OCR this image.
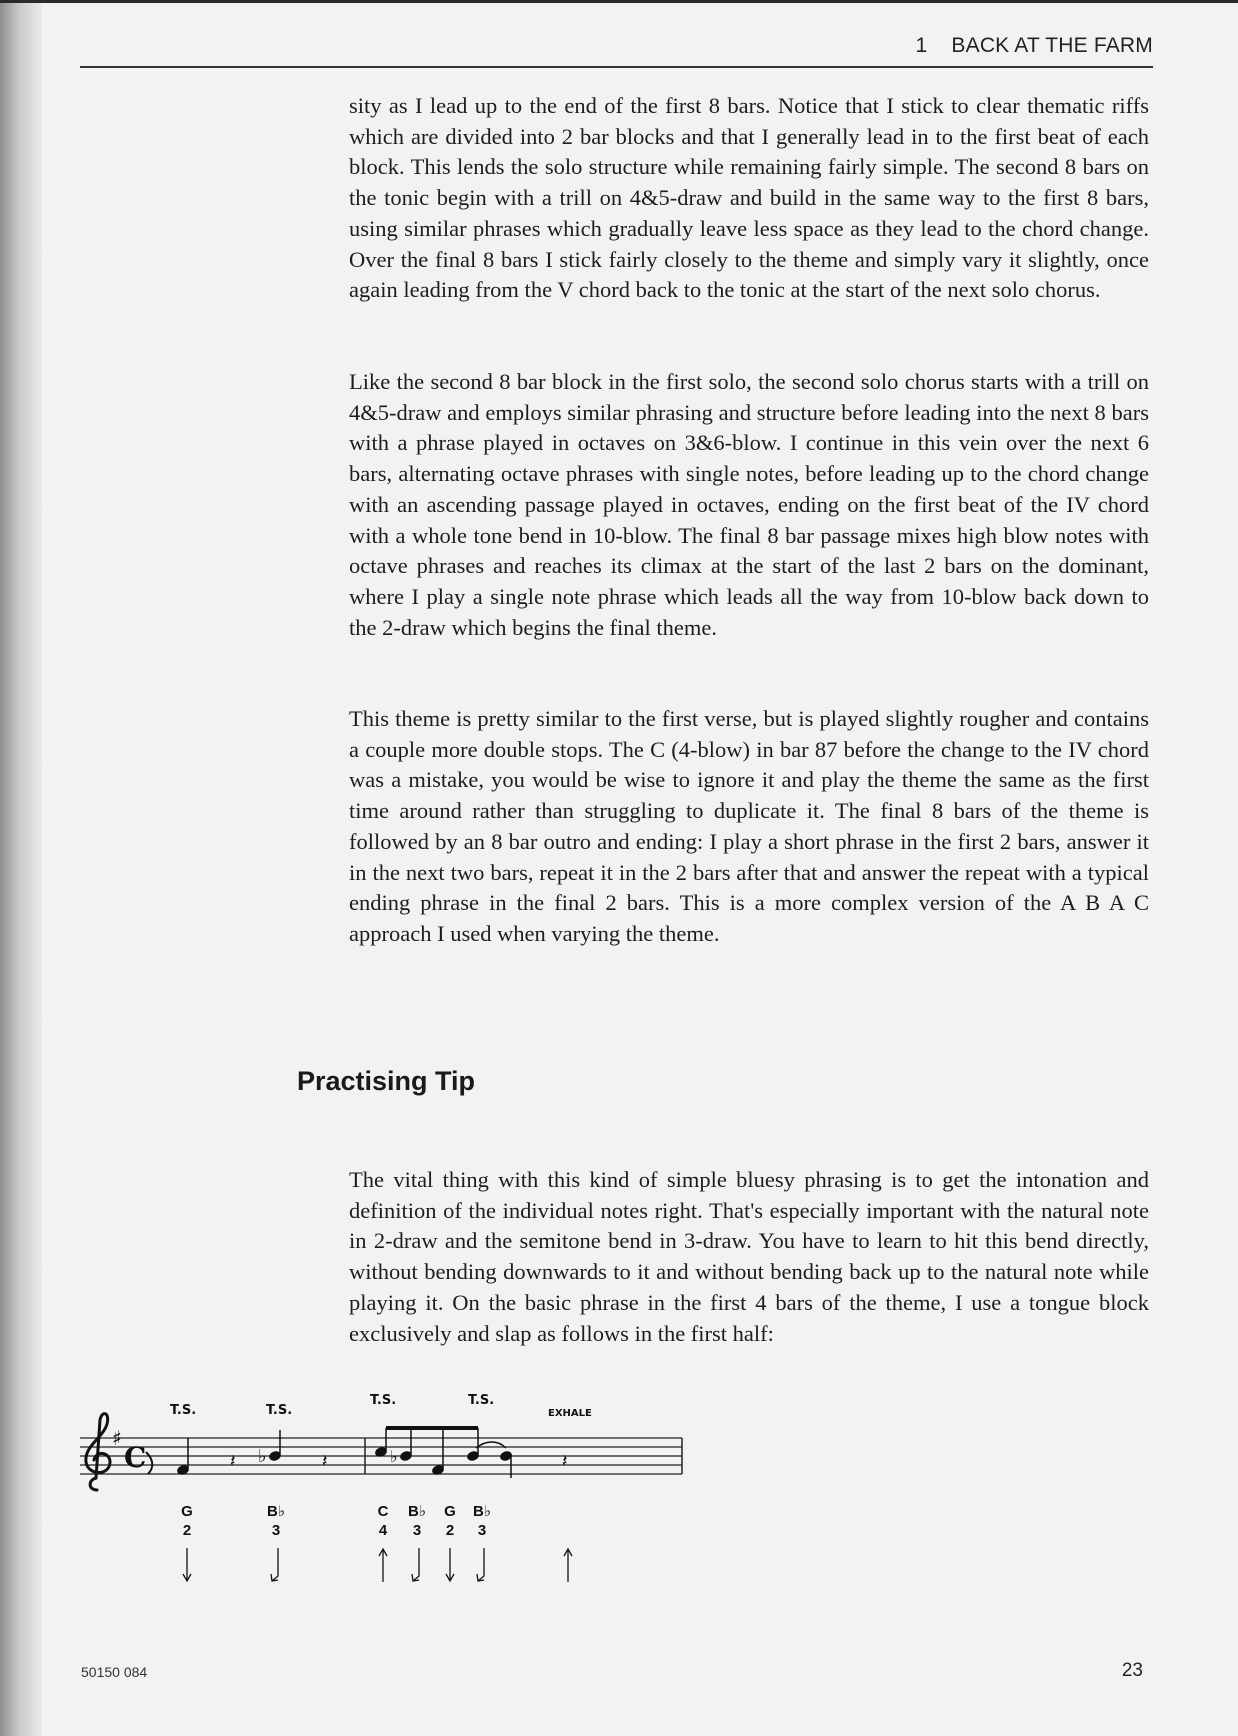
1 BACK AT THE FARM
sity as I lead up to the end of the first 8 bars. Notice that I stick to clear thematic riffs which are divided into 2 bar blocks and that I generally lead in to the first beat of each block. This lends the solo structure while remaining fairly simple. The second 8 bars on the tonic begin with a trill on 4&5-draw and build in the same way to the first 8 bars, using similar phrases which gradually leave less space as they lead to the chord change. Over the final 8 bars I stick fairly closely to the theme and simply vary it slightly, once again leading from the V chord back to the tonic at the start of the next solo chorus.
Like the second 8 bar block in the first solo, the second solo chorus starts with a trill on 4&5-draw and employs similar phrasing and structure before leading into the next 8 bars with a phrase played in octaves on 3&6-blow. I continue in this vein over the next 6 bars, alternating octave phrases with single notes, before leading up to the chord change with an ascending passage played in octaves, ending on the first beat of the IV chord with a whole tone bend in 10-blow. The final 8 bar passage mixes high blow notes with octave phrases and reaches its climax at the start of the last 2 bars on the dominant, where I play a single note phrase which leads all the way from 10-blow back down to the 2-draw which begins the final theme.
This theme is pretty similar to the first verse, but is played slightly rougher and contains a couple more double stops. The C (4-blow) in bar 87 before the change to the IV chord was a mistake, you would be wise to ignore it and play the theme the same as the first time around rather than struggling to duplicate it. The final 8 bars of the theme is followed by an 8 bar outro and ending: I play a short phrase in the first 2 bars, answer it in the next two bars, repeat it in the 2 bars after that and answer the repeat with a typical ending phrase in the final 2 bars. This is a more complex version of the A B A C approach I used when varying the theme.
Practising Tip
The vital thing with this kind of simple bluesy phrasing is to get the intonation and definition of the individual notes right. That's especially important with the natural note in 2-draw and the semitone bend in 3-draw. You have to learn to hit this bend directly, without bending downwards to it and without bending back up to the natural note while playing it. On the basic phrase in the first 4 bars of the theme, I use a tongue block exclusively and slap as follows in the first half:
♯
C
T.S.	T.S.
T.S.	T.S.
EXHALE
𝄽 ♭	𝄽	♭	𝄽
G
2
B♭
3
C
4
B♭
3
G
2
B♭
3
50150 084	23
